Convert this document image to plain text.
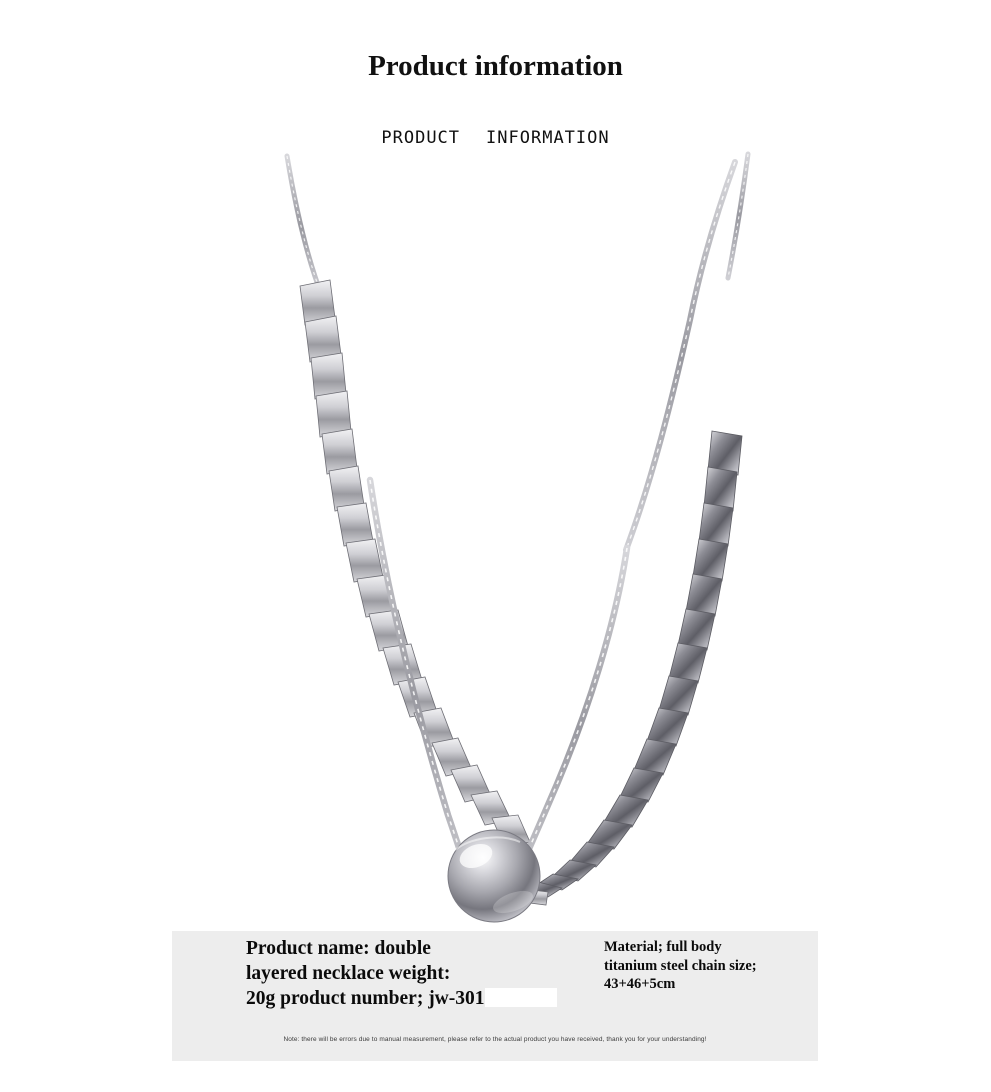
Product information
PRODUCT INFORMATION
Product name: double
layered necklace weight:
20g product number; jw-301
Material; full body
titanium steel chain size;
43+46+5cm
Note: there will be errors due to manual measurement, please refer to the actual product you have received, thank you for your understanding!
